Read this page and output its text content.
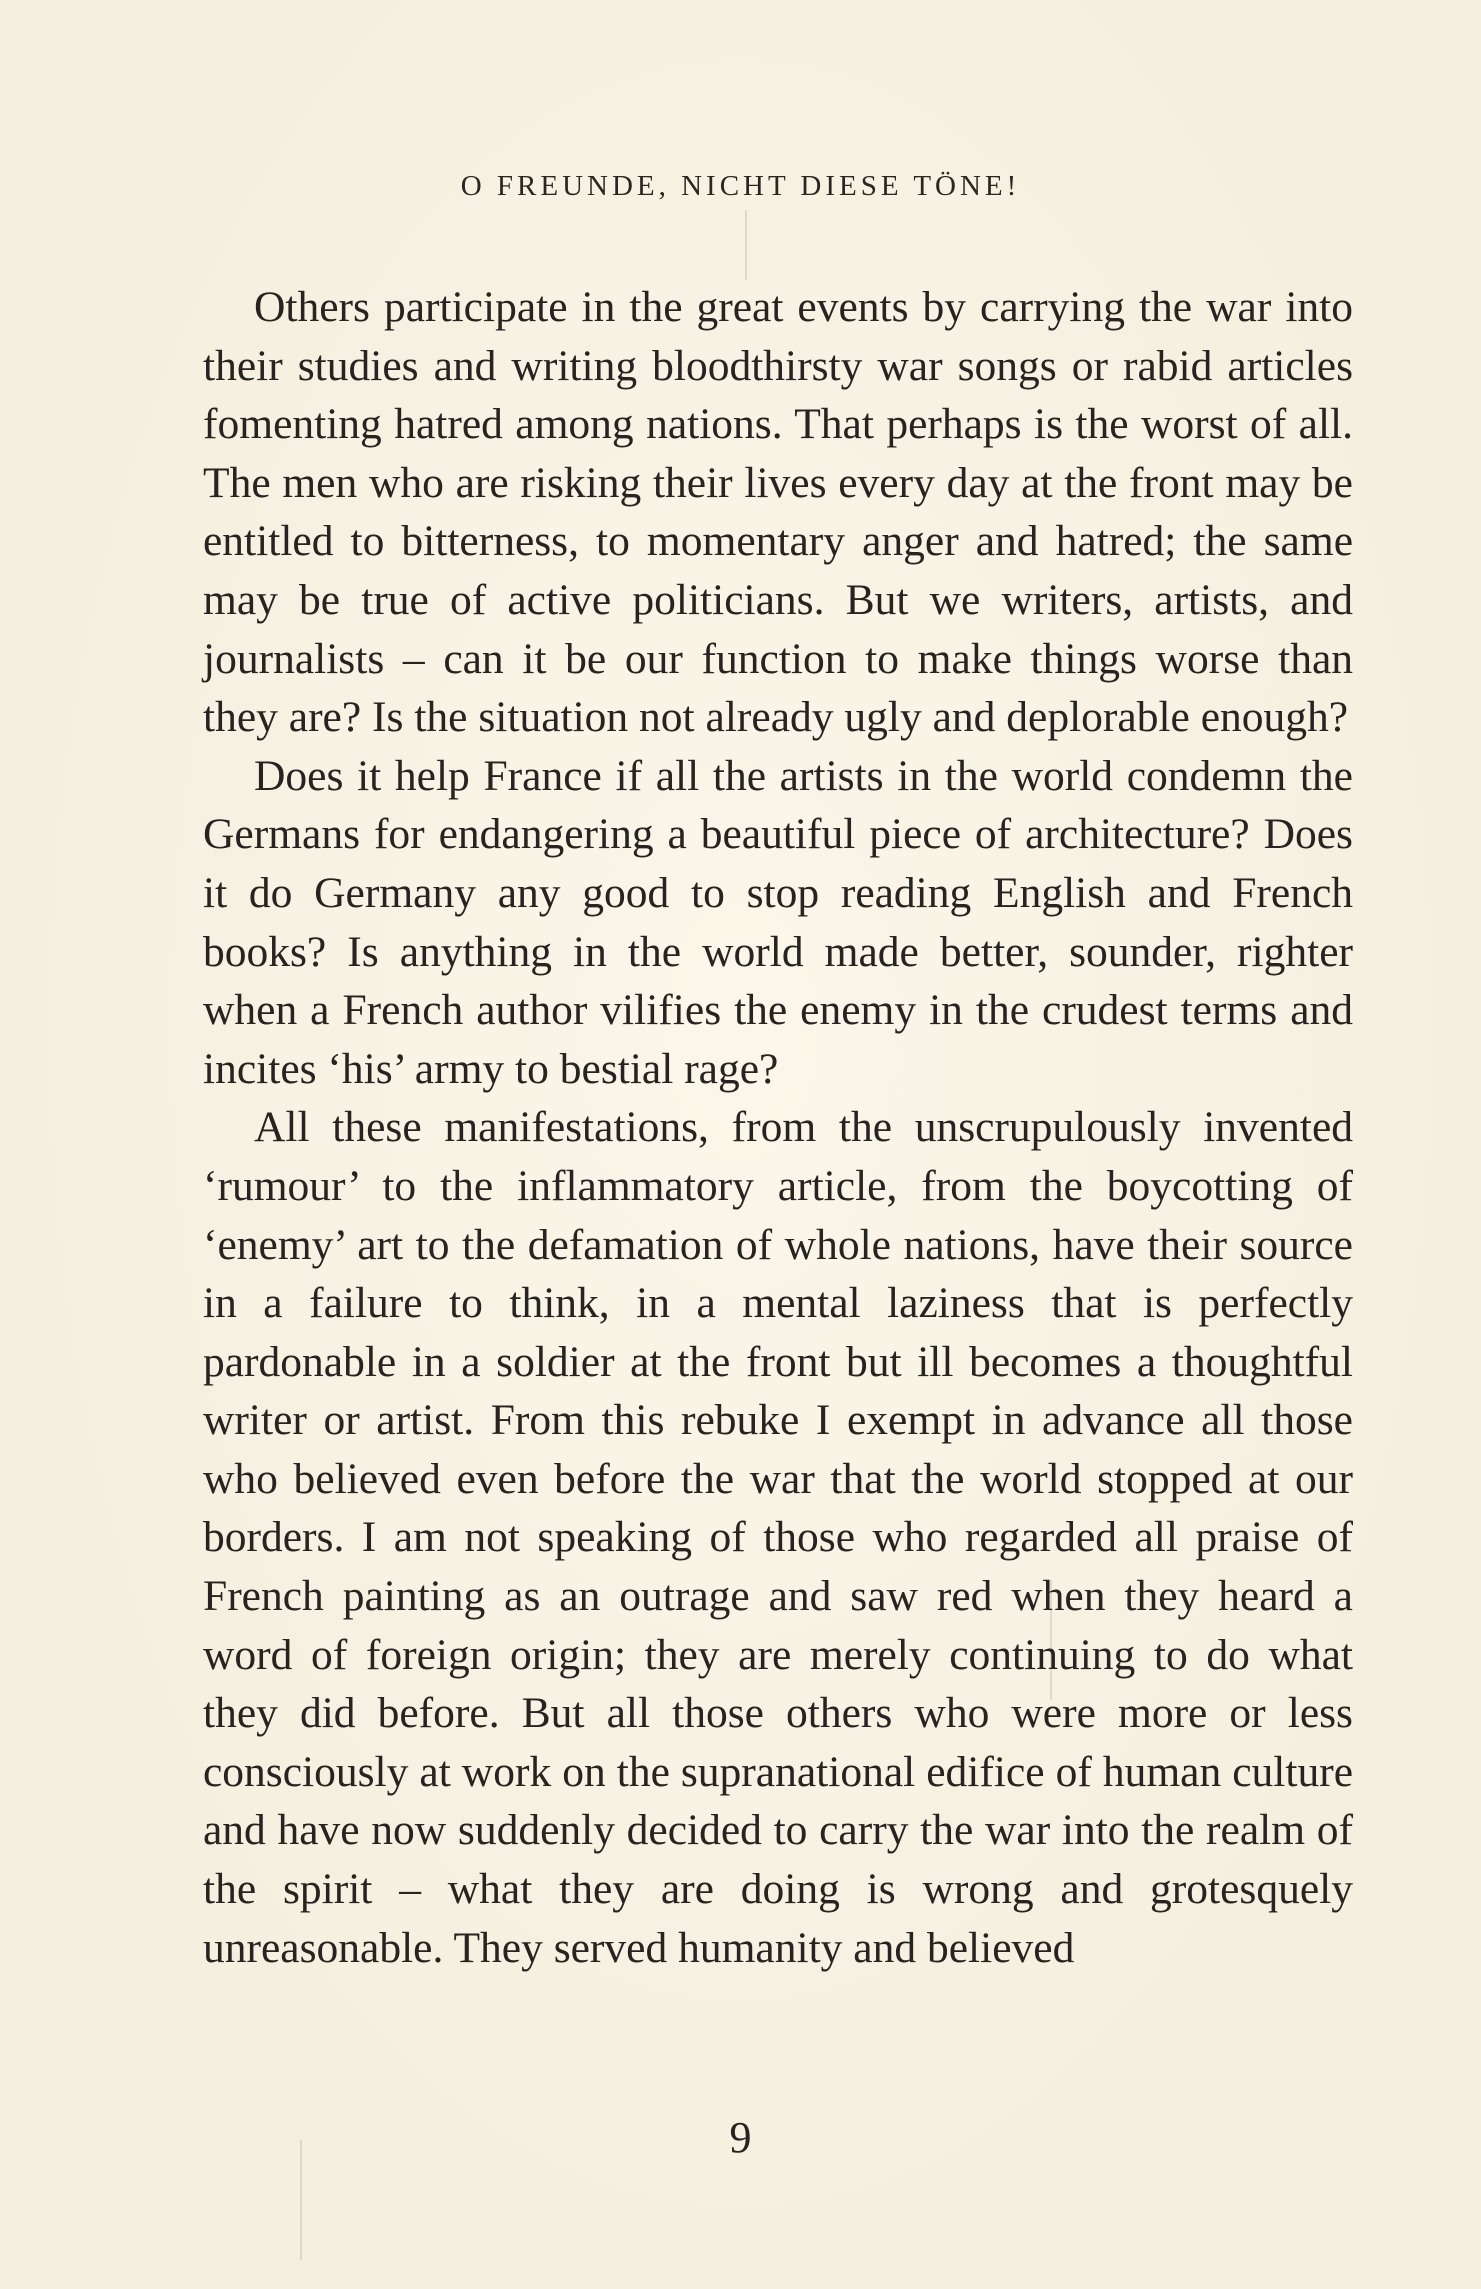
O FREUNDE, NICHT DIESE TÖNE!

Others participate in the great events by carrying the war into their studies and writing bloodthirsty war songs or rabid articles fomenting hatred among nations. That perhaps is the worst of all. The men who are risking their lives every day at the front may be entitled to bitterness, to momentary anger and hatred; the same may be true of active politicians. But we writers, artists, and journalists – can it be our function to make things worse than they are? Is the situation not already ugly and deplorable enough?

Does it help France if all the artists in the world condemn the Germans for endangering a beautiful piece of architecture? Does it do Germany any good to stop reading English and French books? Is anything in the world made better, sounder, righter when a French author vilifies the enemy in the crudest terms and incites ‘his’ army to bestial rage?

All these manifestations, from the unscrupulously invented ‘rumour’ to the inflammatory article, from the boycotting of ‘enemy’ art to the defamation of whole nations, have their source in a failure to think, in a mental laziness that is perfectly pardonable in a soldier at the front but ill becomes a thoughtful writer or artist. From this rebuke I exempt in advance all those who believed even before the war that the world stopped at our borders. I am not speaking of those who regarded all praise of French painting as an outrage and saw red when they heard a word of foreign origin; they are merely continuing to do what they did before. But all those others who were more or less consciously at work on the supranational edifice of human culture and have now suddenly decided to carry the war into the realm of the spirit – what they are doing is wrong and grotesquely unreasonable. They served humanity and believed

9
